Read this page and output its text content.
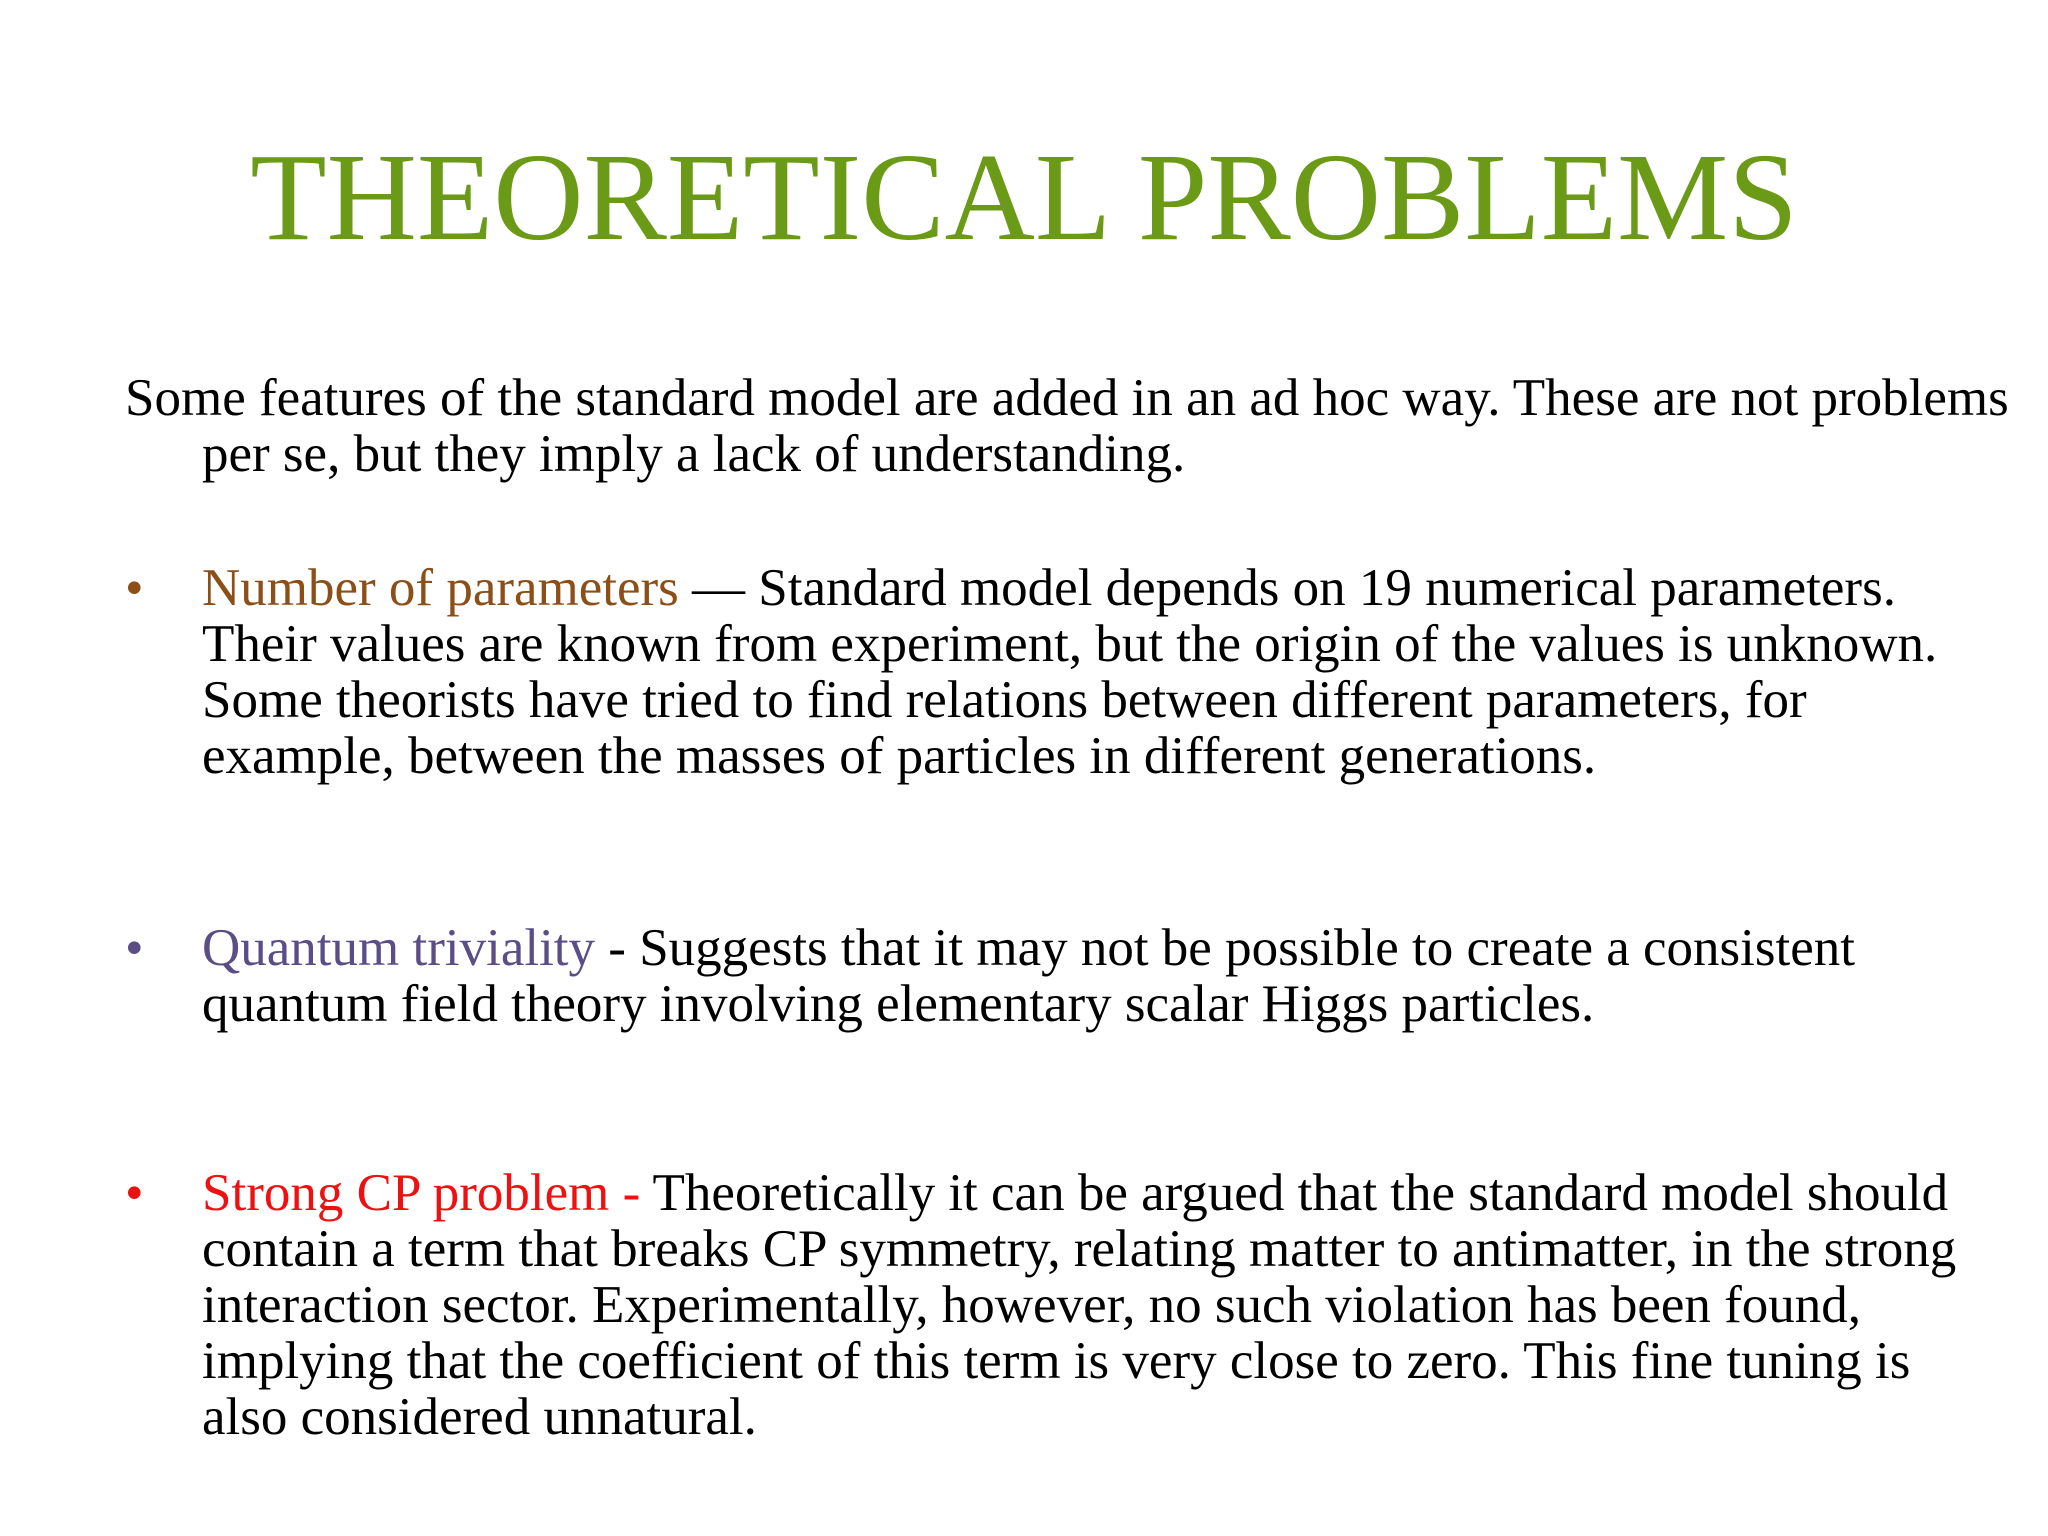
THEORETICAL PROBLEMS
Some features of the standard model are added in an ad hoc way. These are not problems per se, but they imply a lack of understanding.
•	Number of parameters — Standard model depends on 19 numerical parameters. Their values are known from experiment, but the origin of the values is unknown. Some theorists have tried to find relations between different parameters, for example, between the masses of particles in different generations.
•	Quantum triviality - Suggests that it may not be possible to create a consistent quantum field theory involving elementary scalar Higgs particles.
•	Strong CP problem - Theoretically it can be argued that the standard model should contain a term that breaks CP symmetry, relating matter to antimatter, in the strong interaction sector. Experimentally, however, no such violation has been found, implying that the coefficient of this term is very close to zero. This fine tuning is also considered unnatural.
